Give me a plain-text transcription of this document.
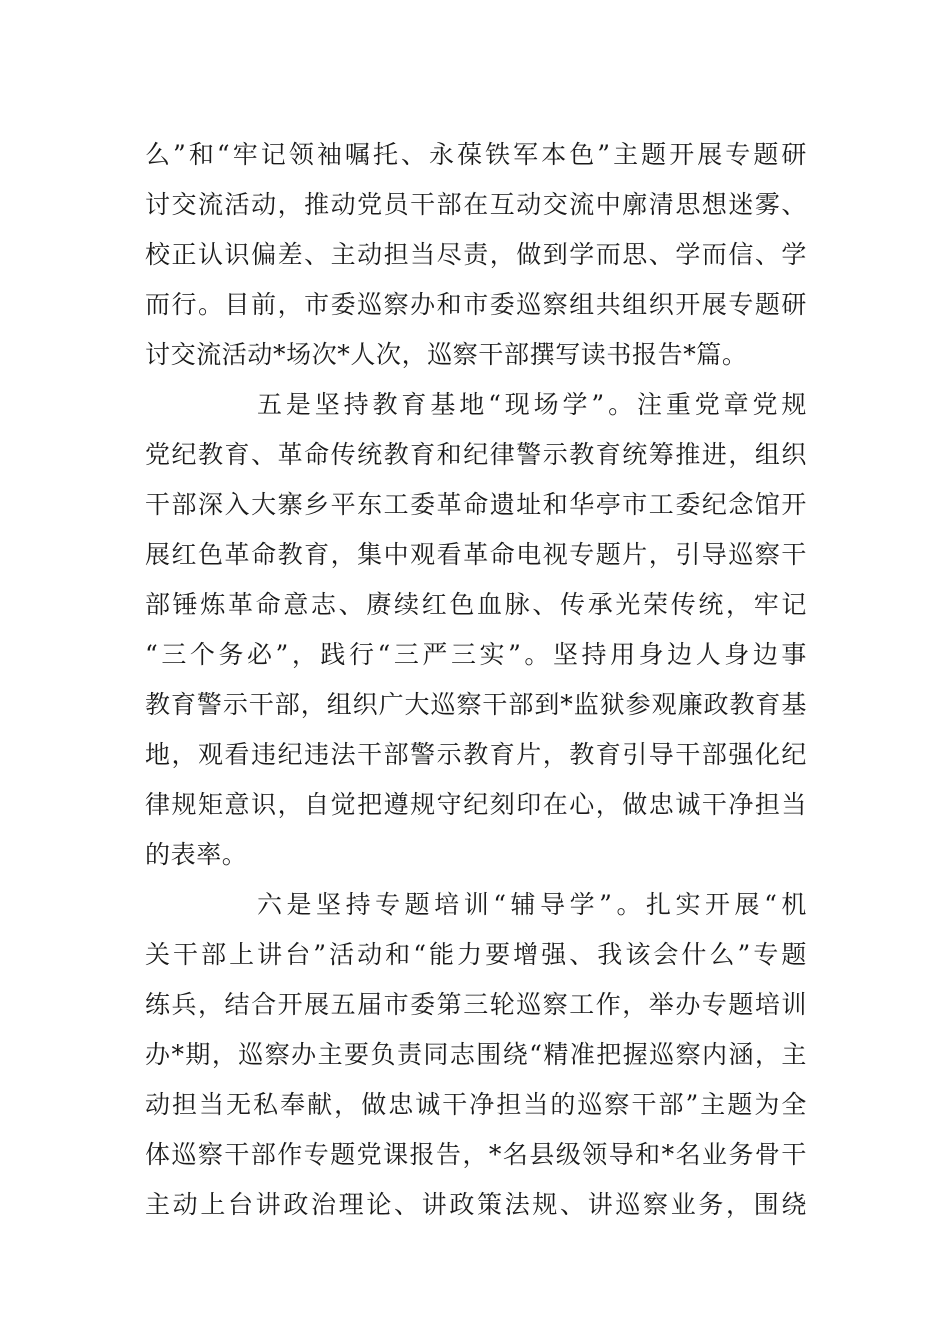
么”和“牢记领袖嘱托、永葆铁军本色”主题开展专题研
讨交流活动，推动党员干部在互动交流中廓清思想迷雾、
校正认识偏差、主动担当尽责，做到学而思、学而信、学
而行。目前，市委巡察办和市委巡察组共组织开展专题研
讨交流活动*场次*人次，巡察干部撰写读书报告*篇。
五是坚持教育基地“现场学”。注重党章党规
党纪教育、革命传统教育和纪律警示教育统筹推进，组织
干部深入大寨乡平东工委革命遗址和华亭市工委纪念馆开
展红色革命教育，集中观看革命电视专题片，引导巡察干
部锤炼革命意志、赓续红色血脉、传承光荣传统，牢记
“三个务必”，践行“三严三实”。坚持用身边人身边事
教育警示干部，组织广大巡察干部到*监狱参观廉政教育基
地，观看违纪违法干部警示教育片，教育引导干部强化纪
律规矩意识，自觉把遵规守纪刻印在心，做忠诚干净担当
的表率。
六是坚持专题培训“辅导学”。扎实开展“机
关干部上讲台”活动和“能力要增强、我该会什么”专题
练兵，结合开展五届市委第三轮巡察工作，举办专题培训
办*期，巡察办主要负责同志围绕“精准把握巡察内涵，主
动担当无私奉献，做忠诚干净担当的巡察干部”主题为全
体巡察干部作专题党课报告，*名县级领导和*名业务骨干
主动上台讲政治理论、讲政策法规、讲巡察业务，围绕
